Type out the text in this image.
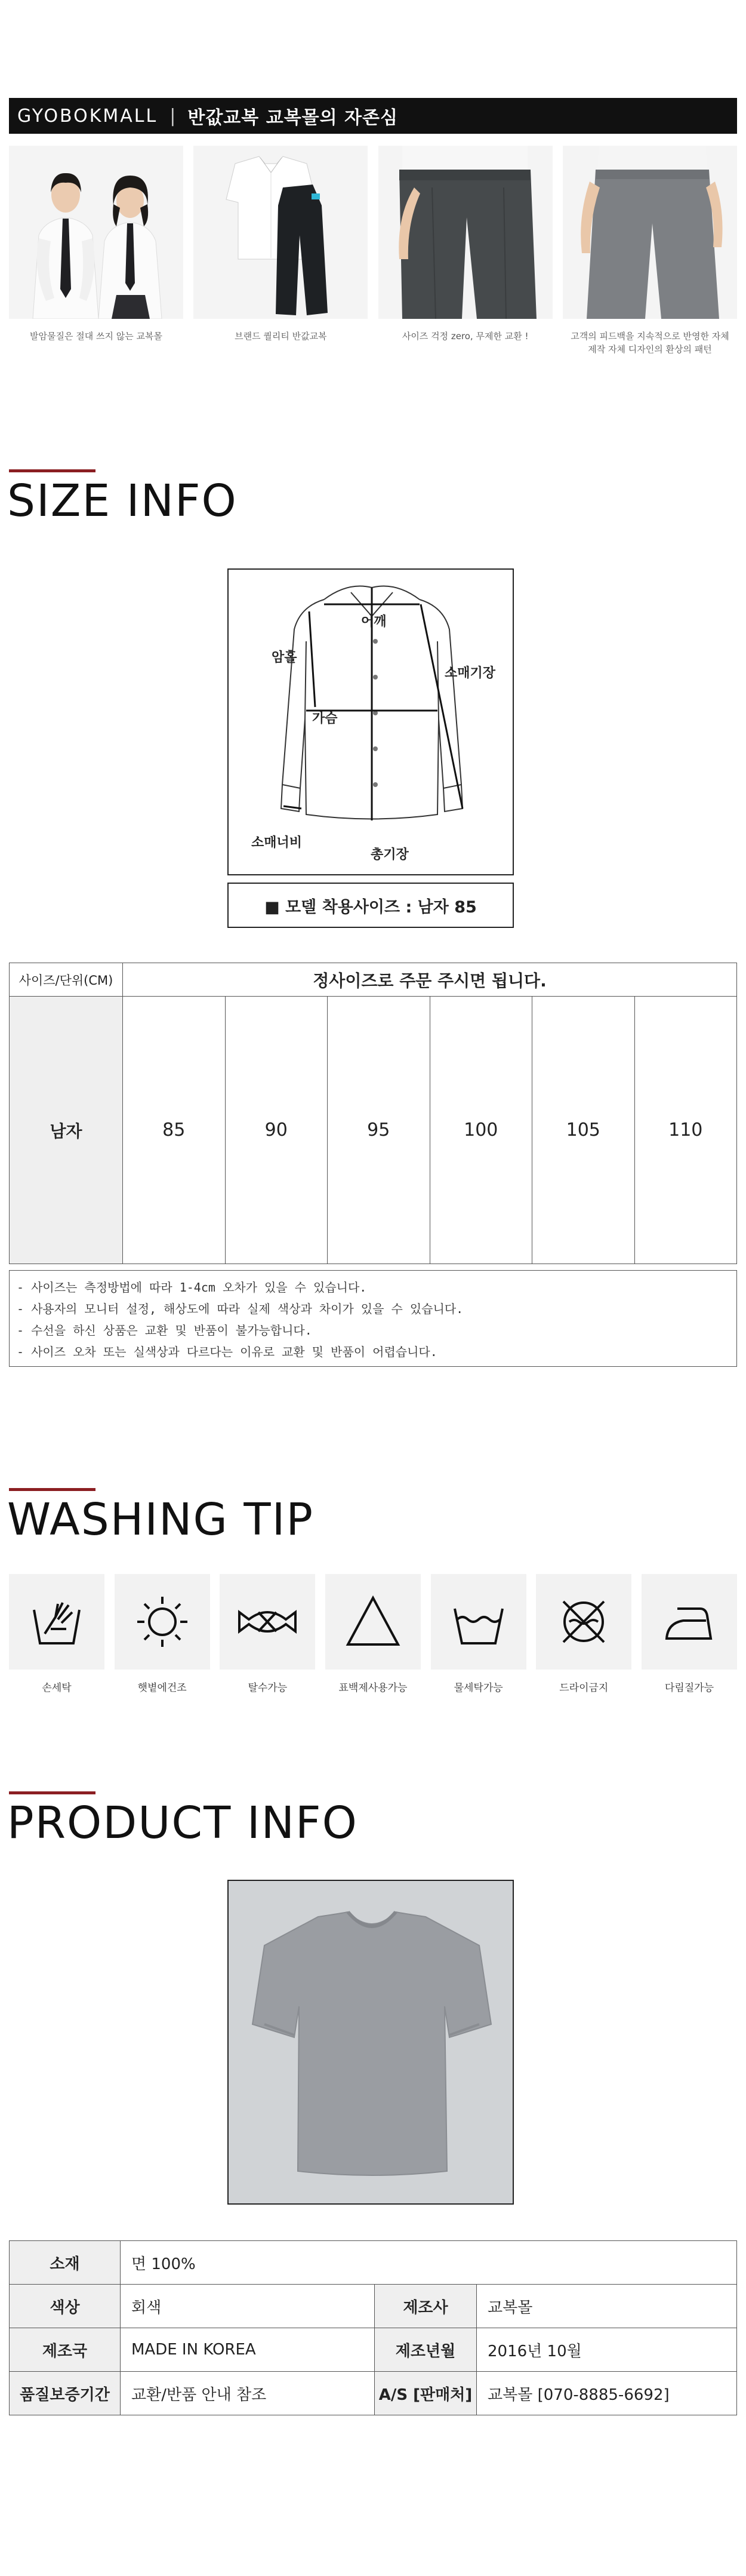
GYOBOKMALL | 반값교복 교복몰의 자존심
발암물질은 절대 쓰지 않는 교복몰	브랜드 퀄리티 반값교복	사이즈 걱정 zero, 무제한 교환 !	고객의 피드백을 지속적으로 반영한 자체 제작 자체 디자인의 환상의 패턴
SIZE INFO
어깨
암홀
소매기장
가슴
소매너비
총기장
■ 모델 착용사이즈 : 남자 85
사이즈/단위(CM)	정사이즈로 주문 주시면 됩니다.					
남자	85	90	95	100	105	110
- 사이즈는 측정방법에 따라 1-4cm 오차가 있을 수 있습니다.
- 사용자의 모니터 설정, 해상도에 따라 실제 색상과 차이가 있을 수 있습니다.
- 수선을 하신 상품은 교환 및 반품이 불가능합니다.
- 사이즈 오차 또는 실색상과 다르다는 이유로 교환 및 반품이 어렵습니다.
WASHING TIP
손세탁	햇볕에건조	탈수가능	표백제사용가능	물세탁가능	드라이금지	다림질가능
PRODUCT INFO
소재	면 100%		
색상	회색	제조사	교복몰
제조국	MADE IN KOREA	제조년월	2016년 10월
품질보증기간	교환/반품 안내 참조	A/S [판매처]	교복몰 [070-8885-6692]
